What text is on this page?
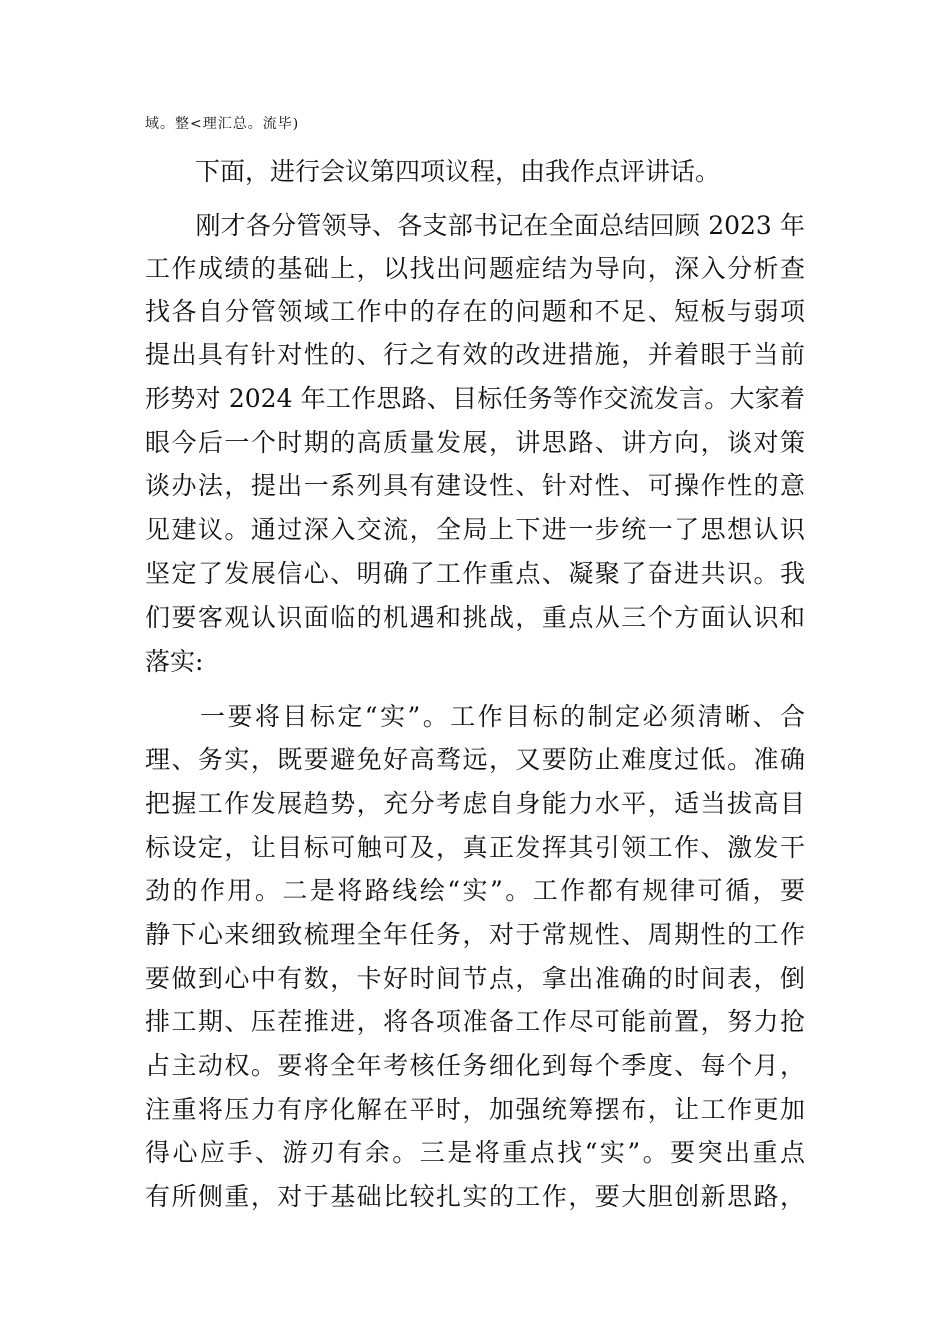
域。整<理汇总。流毕)
　　下面，进行会议第四项议程，由我作点评讲话。
　　刚才各分管领导、各支部书记在全面总结回顾 2023 年
工作成绩的基础上，以找出问题症结为导向，深入分析查
找各自分管领域工作中的存在的问题和不足、短板与弱项
提出具有针对性的、行之有效的改进措施，并着眼于当前
形势对 2024 年工作思路、目标任务等作交流发言。大家着
眼今后一个时期的高质量发展，讲思路、讲方向，谈对策
谈办法，提出一系列具有建设性、针对性、可操作性的意
见建议。通过深入交流，全局上下进一步统一了思想认识
坚定了发展信心、明确了工作重点、凝聚了奋进共识。我
们要客观认识面临的机遇和挑战，重点从三个方面认识和
落实:
　　一要将目标定“实”。工作目标的制定必须清晰、合
理、务实，既要避免好高骛远，又要防止难度过低。准确
把握工作发展趋势，充分考虑自身能力水平，适当拔高目
标设定，让目标可触可及，真正发挥其引领工作、激发干
劲的作用。二是将路线绘“实”。工作都有规律可循，要
静下心来细致梳理全年任务，对于常规性、周期性的工作
要做到心中有数，卡好时间节点，拿出准确的时间表，倒
排工期、压茬推进，将各项准备工作尽可能前置，努力抢
占主动权。要将全年考核任务细化到每个季度、每个月，
注重将压力有序化解在平时，加强统筹摆布，让工作更加
得心应手、游刃有余。三是将重点找“实”。要突出重点
有所侧重，对于基础比较扎实的工作，要大胆创新思路，
